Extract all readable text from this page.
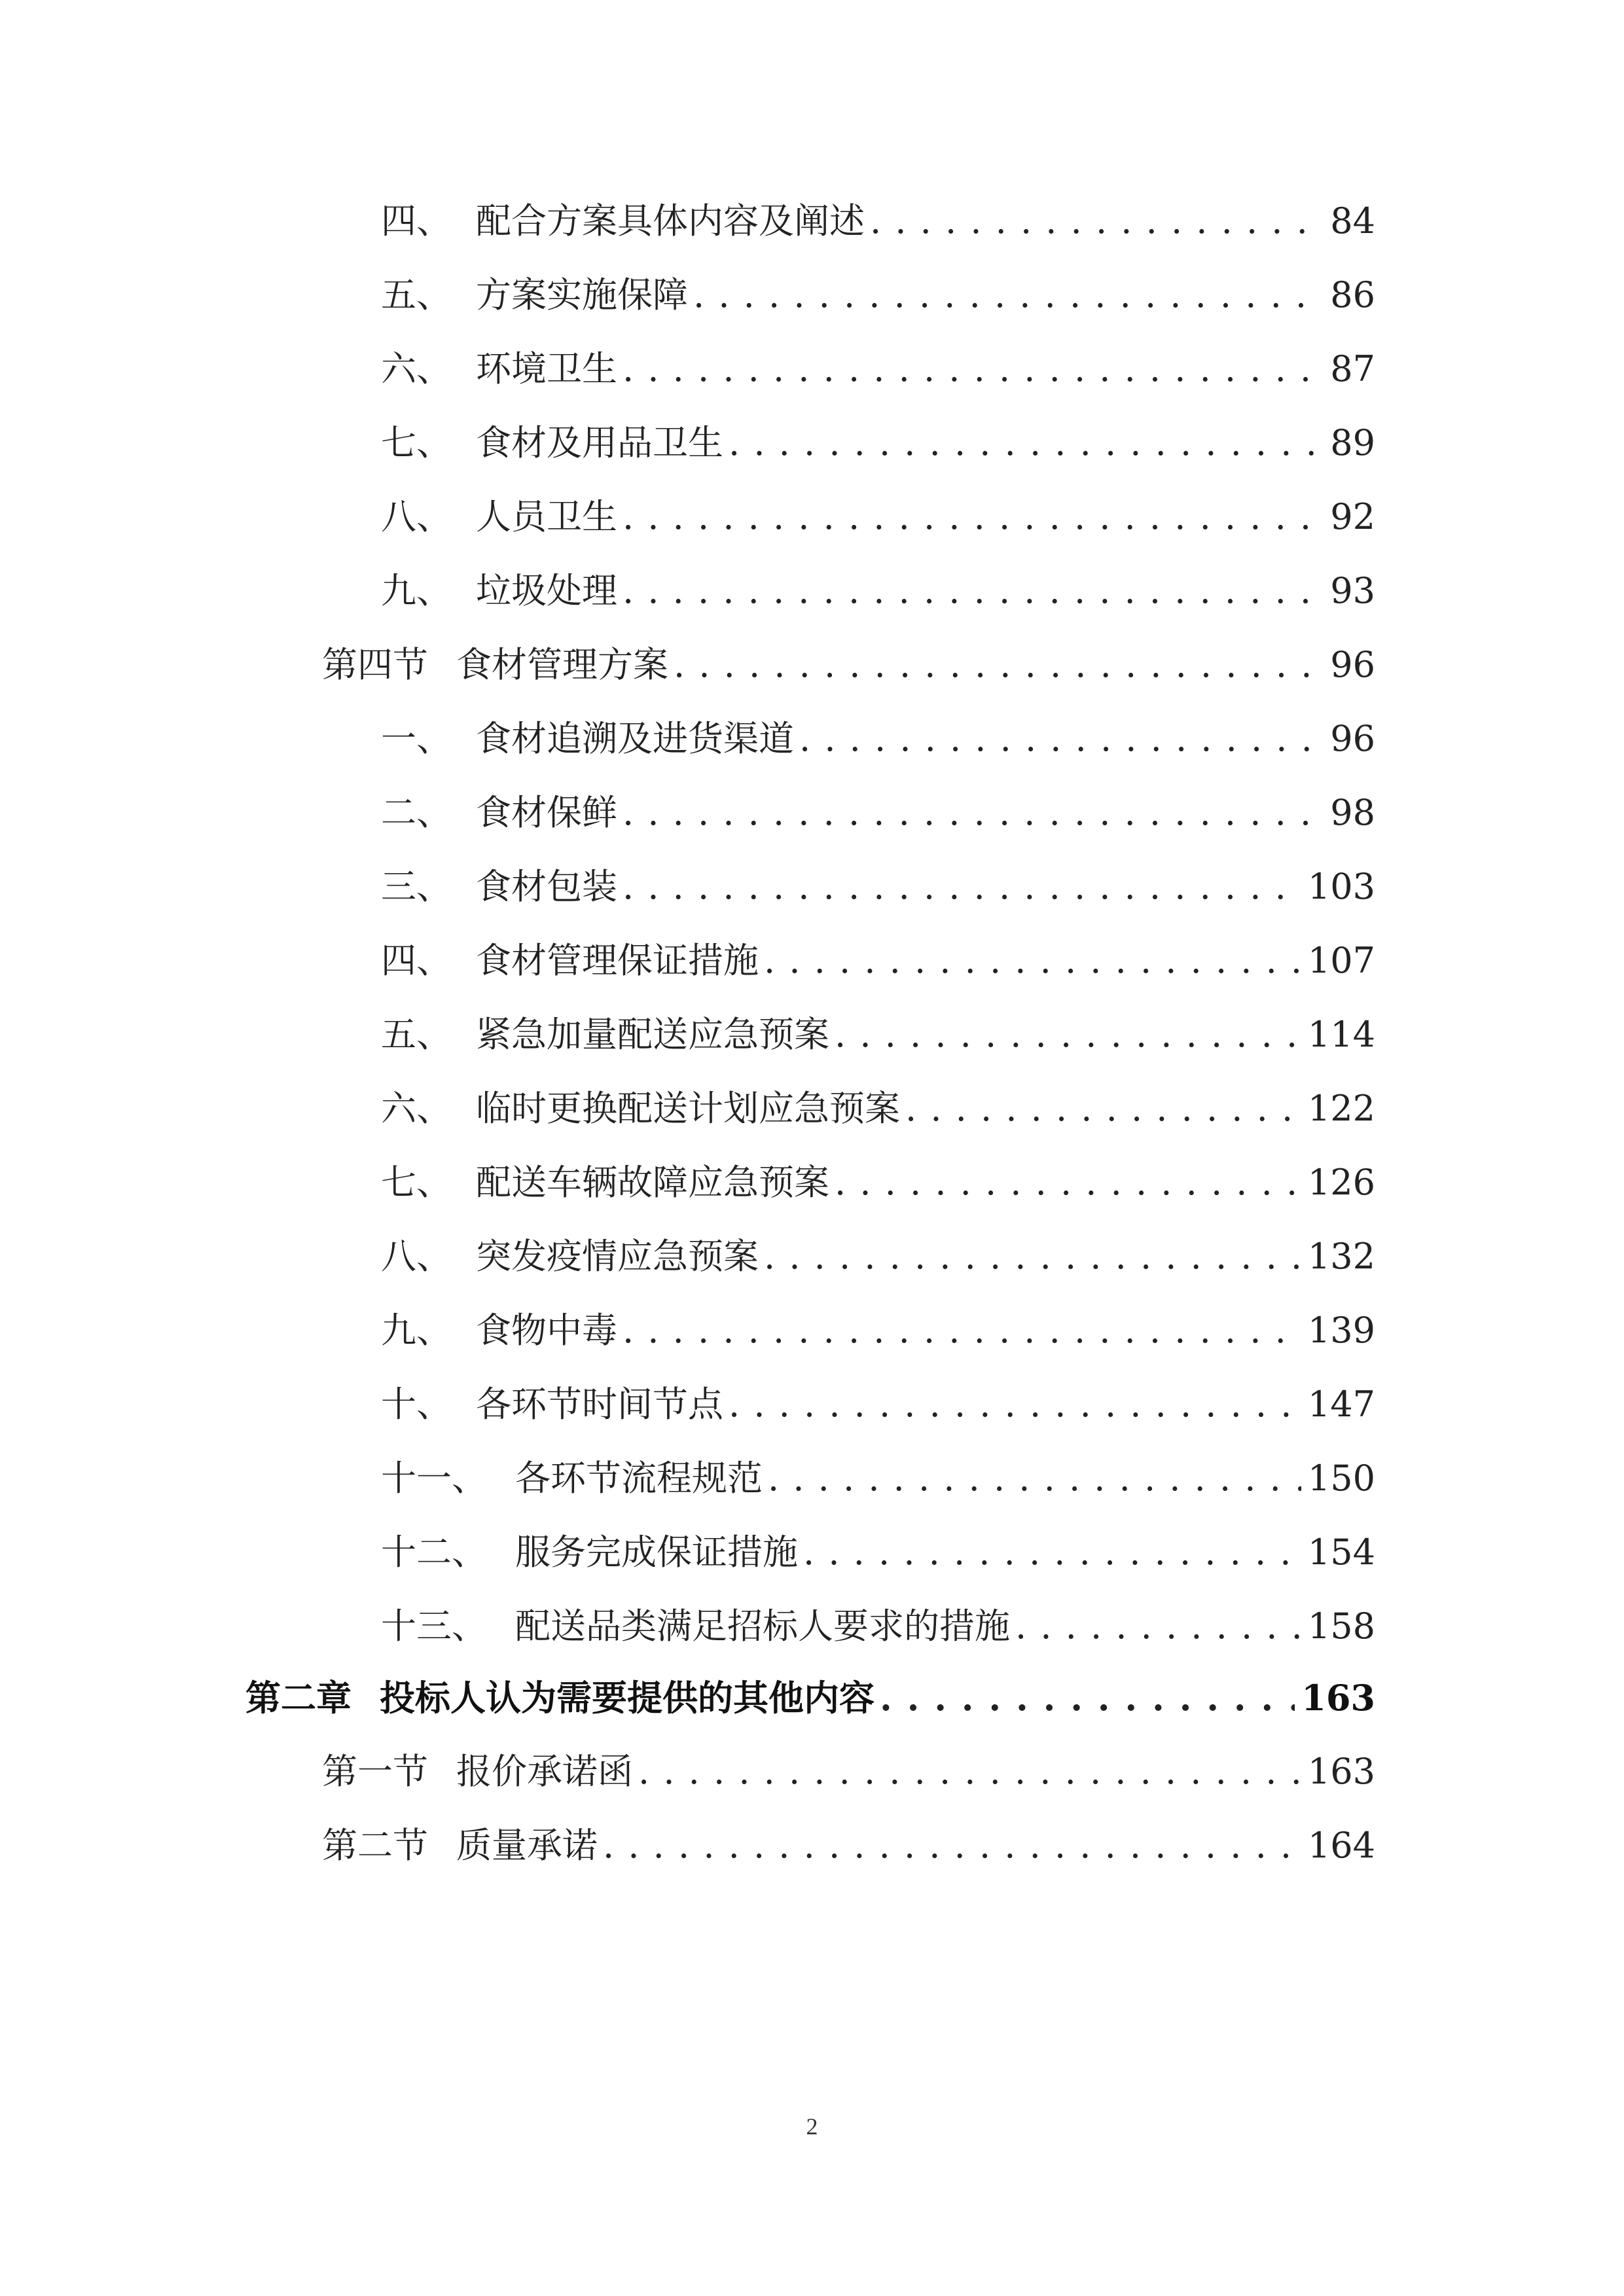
四、 配合方案具体内容及阐述 . . .	84
五、 方案实施保障 . . .	86
六、 环境卫生 . . .	87
七、 食材及用品卫生 . . .	89
八、 人员卫生 . . .	92
九、 垃圾处理 . . .	93
第四节 食材管理方案 . . .	96
一、 食材追溯及进货渠道 . . .	96
二、 食材保鲜 . . .	98
三、 食材包装 . . .	103
四、 食材管理保证措施 . . .	107
五、 紧急加量配送应急预案 . . .	114
六、 临时更换配送计划应急预案 . . .	122
七、 配送车辆故障应急预案 . . .	126
八、 突发疫情应急预案 . . .	132
九、 食物中毒 . . .	139
十、 各环节时间节点 . . .	147
十一、 各环节流程规范 . . .	150
十二、 服务完成保证措施 . . .	154
十三、 配送品类满足招标人要求的措施 . . .	158
第二章 投标人认为需要提供的其他内容 . . .	163
第一节 报价承诺函 . . .	163
第二节 质量承诺 . . .	164
2
